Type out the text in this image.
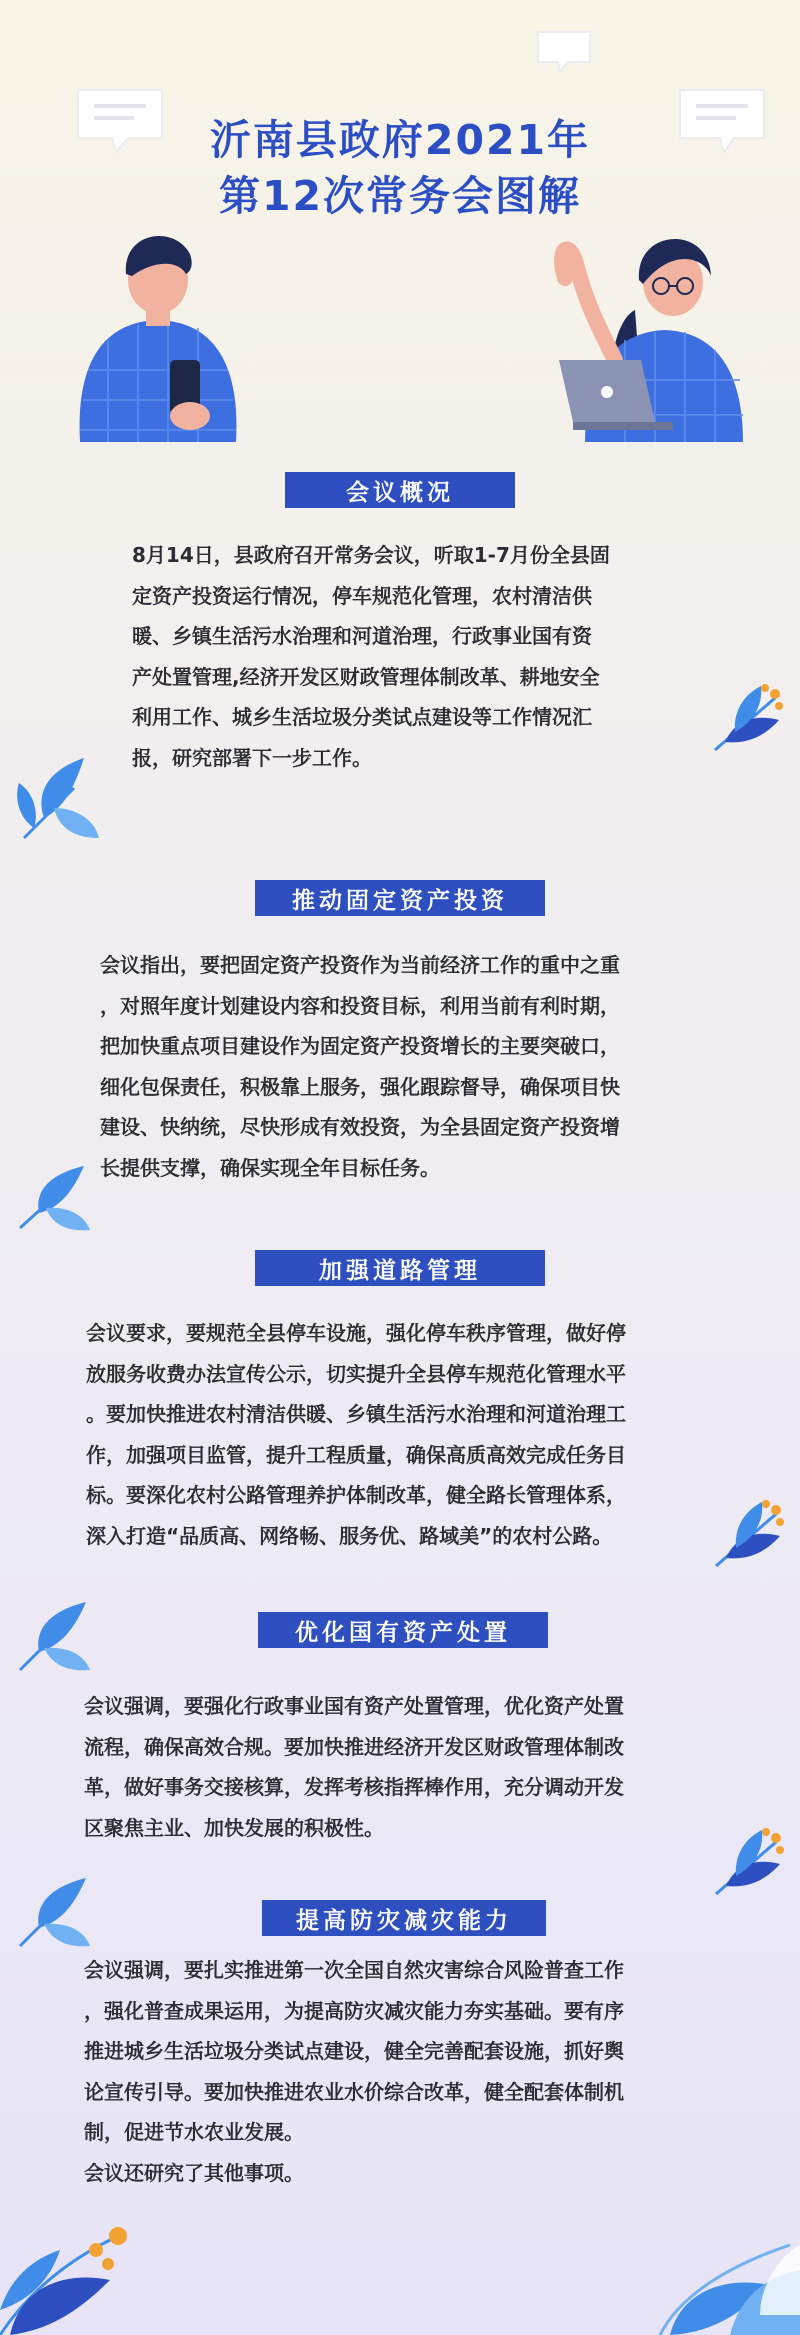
沂南县政府2021年
第12次常务会图解
会议概况
8月14日，县政府召开常务会议，听取1-7月份全县固
定资产投资运行情况，停车规范化管理，农村清洁供
暖、乡镇生活污水治理和河道治理，行政事业国有资
产处置管理,经济开发区财政管理体制改革、耕地安全
利用工作、城乡生活垃圾分类试点建设等工作情况汇
报，研究部署下一步工作。
推动固定资产投资
会议指出，要把固定资产投资作为当前经济工作的重中之重
，对照年度计划建设内容和投资目标，利用当前有利时期，
把加快重点项目建设作为固定资产投资增长的主要突破口，
细化包保责任，积极靠上服务，强化跟踪督导，确保项目快
建设、快纳统，尽快形成有效投资，为全县固定资产投资增
长提供支撑，确保实现全年目标任务。
加强道路管理
会议要求，要规范全县停车设施，强化停车秩序管理，做好停
放服务收费办法宣传公示，切实提升全县停车规范化管理水平
。要加快推进农村清洁供暖、乡镇生活污水治理和河道治理工
作，加强项目监管，提升工程质量，确保高质高效完成任务目
标。要深化农村公路管理养护体制改革，健全路长管理体系，
深入打造“品质高、网络畅、服务优、路域美”的农村公路。
优化国有资产处置
会议强调，要强化行政事业国有资产处置管理，优化资产处置
流程，确保高效合规。要加快推进经济开发区财政管理体制改
革，做好事务交接核算，发挥考核指挥棒作用，充分调动开发
区聚焦主业、加快发展的积极性。
提高防灾减灾能力
会议强调，要扎实推进第一次全国自然灾害综合风险普查工作
，强化普查成果运用，为提高防灾减灾能力夯实基础。要有序
推进城乡生活垃圾分类试点建设，健全完善配套设施，抓好舆
论宣传引导。要加快推进农业水价综合改革，健全配套体制机
制，促进节水农业发展。
会议还研究了其他事项。
